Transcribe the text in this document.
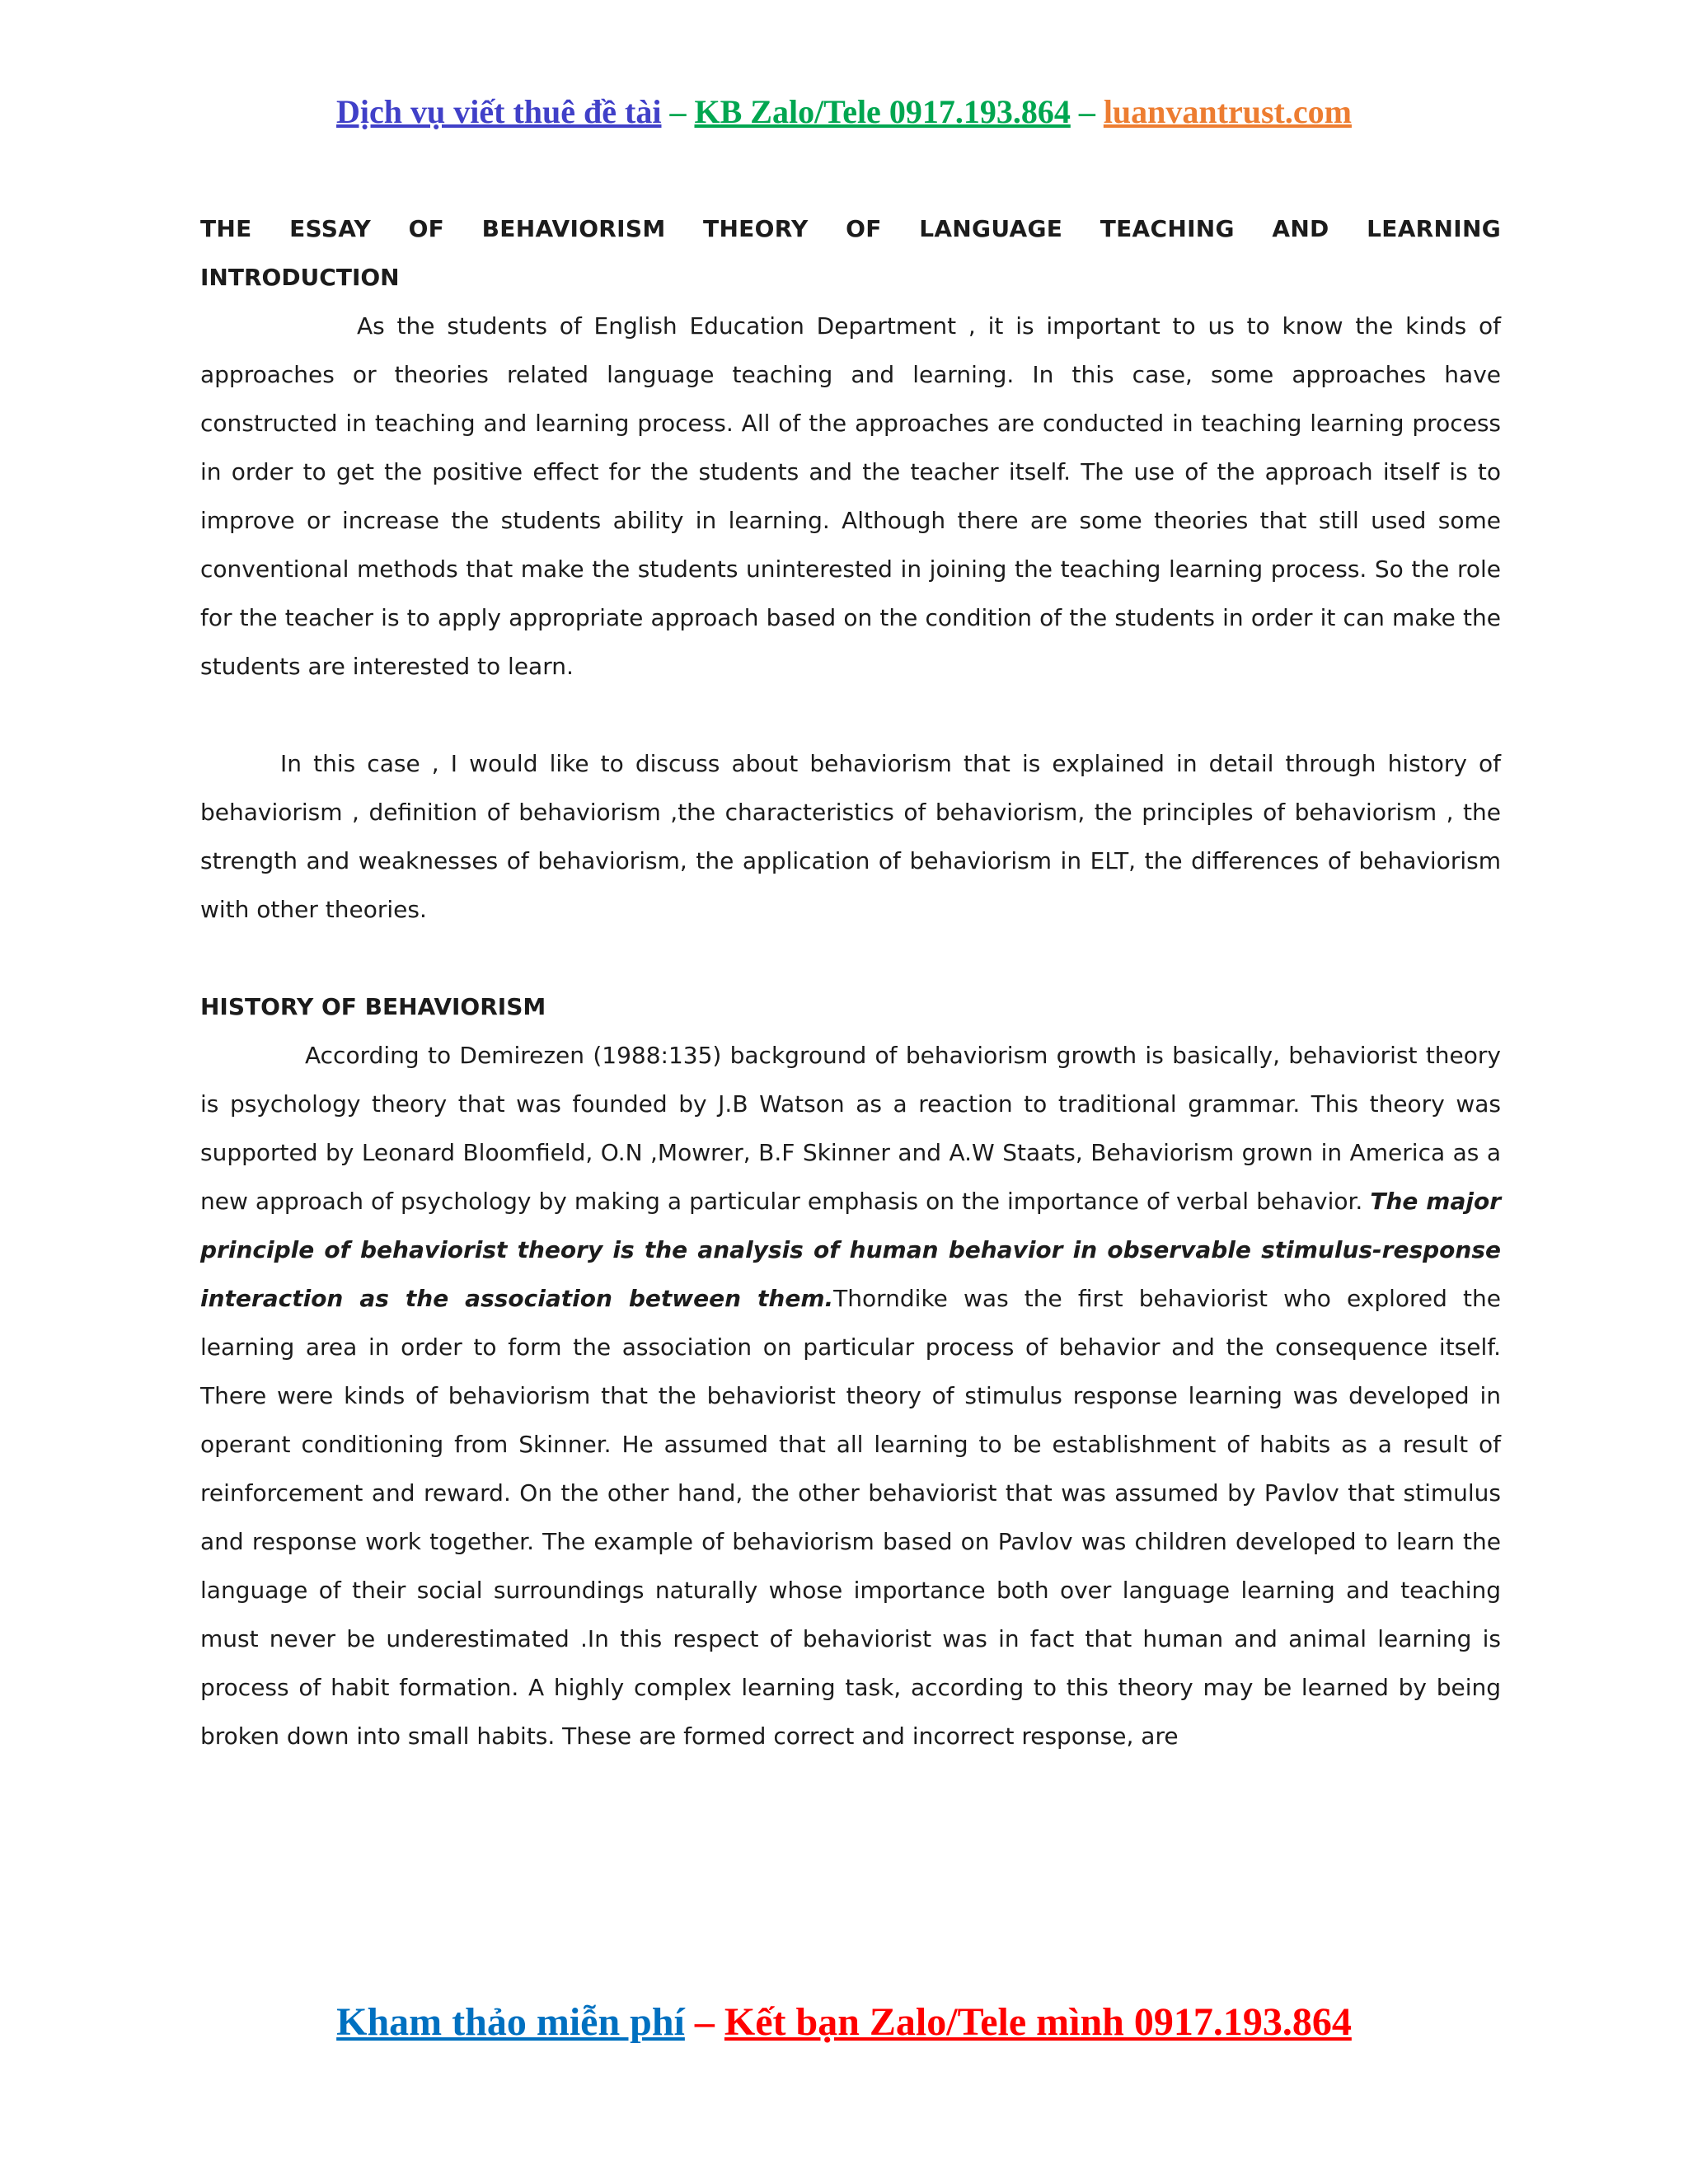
Dịch vụ viết thuê đề tài – KB Zalo/Tele 0917.193.864 – luanvantrust.com

THE ESSAY OF BEHAVIORISM THEORY OF LANGUAGE TEACHING AND LEARNING

INTRODUCTION

As the students of English Education Department , it is important to us to know the kinds of approaches or theories related language teaching and learning. In this case, some approaches have constructed in teaching and learning process. All of the approaches are conducted in teaching learning process in order to get the positive effect for the students and the teacher itself. The use of the approach itself is to improve or increase the students ability in learning. Although there are some theories that still used some conventional methods that make the students uninterested in joining the teaching learning process. So the role for the teacher is to apply appropriate approach based on the condition of the students in order it can make the students are interested to learn.

In this case , I would like to discuss about behaviorism that is explained in detail through history of behaviorism , definition of behaviorism ,the characteristics of behaviorism, the principles of behaviorism , the strength and weaknesses of behaviorism, the application of behaviorism in ELT, the differences of behaviorism with other theories.

HISTORY OF BEHAVIORISM

According to Demirezen (1988:135) background of behaviorism growth is basically, behaviorist theory is psychology theory that was founded by J.B Watson as a reaction to traditional grammar. This theory was supported by Leonard Bloomfield, O.N ,Mowrer, B.F Skinner and A.W Staats, Behaviorism grown in America as a new approach of psychology by making a particular emphasis on the importance of verbal behavior. The major principle of behaviorist theory is the analysis of human behavior in observable stimulus-response interaction as the association between them.Thorndike was the first behaviorist who explored the learning area in order to form the association on particular process of behavior and the consequence itself. There were kinds of behaviorism that the behaviorist theory of stimulus response learning was developed in operant conditioning from Skinner. He assumed that all learning to be establishment of habits as a result of reinforcement and reward. On the other hand, the other behaviorist that was assumed by Pavlov that stimulus and response work together. The example of behaviorism based on Pavlov was children developed to learn the language of their social surroundings naturally whose importance both over language learning and teaching must never be underestimated .In this respect of behaviorist was in fact that human and animal learning is process of habit formation. A highly complex learning task, according to this theory may be learned by being broken down into small habits. These are formed correct and incorrect response, are

Kham thảo miễn phí – Kết bạn Zalo/Tele mình 0917.193.864
